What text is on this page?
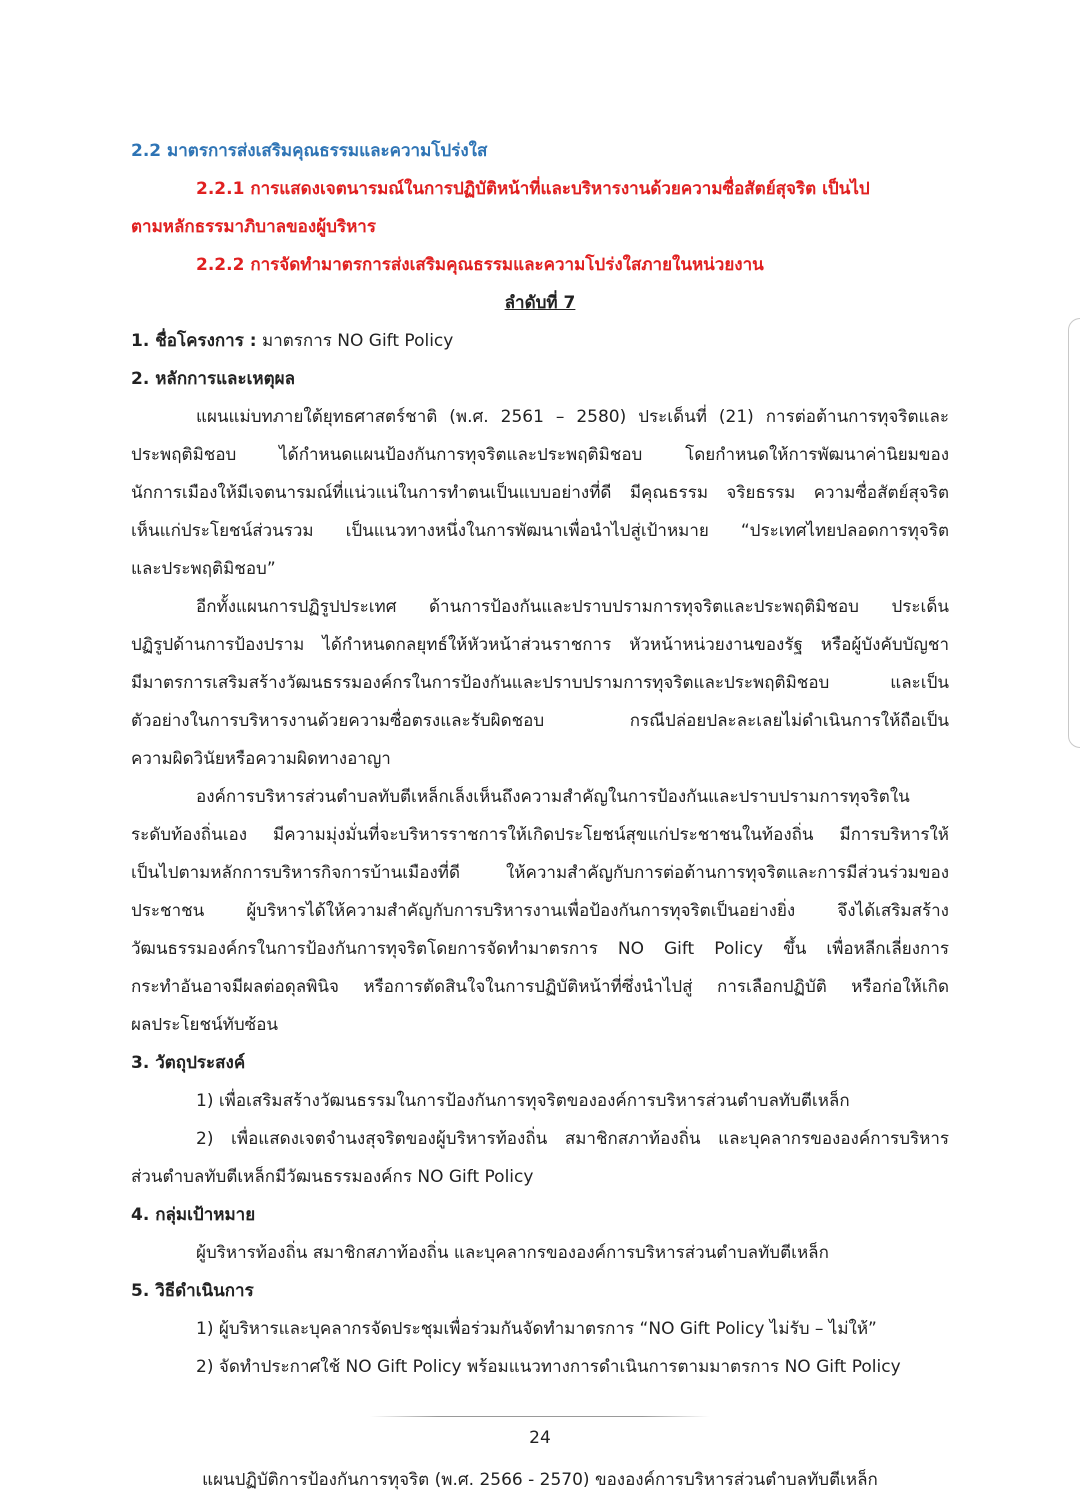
2.2 มาตรการส่งเสริมคุณธรรมและความโปร่งใส
2.2.1 การแสดงเจตนารมณ์ในการปฏิบัติหน้าที่และบริหารงานด้วยความซื่อสัตย์สุจริต เป็นไป
ตามหลักธรรมาภิบาลของผู้บริหาร
2.2.2 การจัดทำมาตรการส่งเสริมคุณธรรมและความโปร่งใสภายในหน่วยงาน
ลำดับที่ 7
1. ชื่อโครงการ : มาตรการ NO Gift Policy
2. หลักการและเหตุผล
แผนแม่บทภายใต้ยุทธศาสตร์ชาติ (พ.ศ. 2561 – 2580) ประเด็นที่ (21) การต่อต้านการทุจริตและ
ประพฤติมิชอบ ได้กำหนดแผนป้องกันการทุจริตและประพฤติมิชอบ โดยกำหนดให้การพัฒนาค่านิยมของ
นักการเมืองให้มีเจตนารมณ์ที่แน่วแน่ในการทำตนเป็นแบบอย่างที่ดี มีคุณธรรม จริยธรรม ความซื่อสัตย์สุจริต
เห็นแก่ประโยชน์ส่วนรวม เป็นแนวทางหนึ่งในการพัฒนาเพื่อนำไปสู่เป้าหมาย “ประเทศไทยปลอดการทุจริต
และประพฤติมิชอบ”
อีกทั้งแผนการปฏิรูปประเทศ ด้านการป้องกันและปราบปรามการทุจริตและประพฤติมิชอบ ประเด็น
ปฏิรูปด้านการป้องปราม ได้กำหนดกลยุทธ์ให้หัวหน้าส่วนราชการ หัวหน้าหน่วยงานของรัฐ หรือผู้บังคับบัญชา
มีมาตรการเสริมสร้างวัฒนธรรมองค์กรในการป้องกันและปราบปรามการทุจริตและประพฤติมิชอบ และเป็น
ตัวอย่างในการบริหารงานด้วยความซื่อตรงและรับผิดชอบ กรณีปล่อยปละละเลยไม่ดำเนินการให้ถือเป็น
ความผิดวินัยหรือความผิดทางอาญา
องค์การบริหารส่วนตำบลทับตีเหล็กเล็งเห็นถึงความสำคัญในการป้องกันและปราบปรามการทุจริตใน
ระดับท้องถิ่นเอง มีความมุ่งมั่นที่จะบริหารราชการให้เกิดประโยชน์สุขแก่ประชาชนในท้องถิ่น มีการบริหารให้
เป็นไปตามหลักการบริหารกิจการบ้านเมืองที่ดี ให้ความสำคัญกับการต่อต้านการทุจริตและการมีส่วนร่วมของ
ประชาชน ผู้บริหารได้ให้ความสำคัญกับการบริหารงานเพื่อป้องกันการทุจริตเป็นอย่างยิ่ง จึงได้เสริมสร้าง
วัฒนธรรมองค์กรในการป้องกันการทุจริตโดยการจัดทำมาตรการ NO Gift Policy ขึ้น เพื่อหลีกเลี่ยงการ
กระทำอันอาจมีผลต่อดุลพินิจ หรือการตัดสินใจในการปฏิบัติหน้าที่ซึ่งนำไปสู่ การเลือกปฏิบัติ หรือก่อให้เกิด
ผลประโยชน์ทับซ้อน
3. วัตถุประสงค์
1) เพื่อเสริมสร้างวัฒนธรรมในการป้องกันการทุจริตขององค์การบริหารส่วนตำบลทับตีเหล็ก
2) เพื่อแสดงเจตจำนงสุจริตของผู้บริหารท้องถิ่น สมาชิกสภาท้องถิ่น และบุคลากรขององค์การบริหาร
ส่วนตำบลทับตีเหล็กมีวัฒนธรรมองค์กร NO Gift Policy
4. กลุ่มเป้าหมาย
ผู้บริหารท้องถิ่น สมาชิกสภาท้องถิ่น และบุคลากรขององค์การบริหารส่วนตำบลทับตีเหล็ก
5. วิธีดำเนินการ
1) ผู้บริหารและบุคลากรจัดประชุมเพื่อร่วมกันจัดทำมาตรการ “NO Gift Policy ไม่รับ – ไม่ให้”
2) จัดทำประกาศใช้ NO Gift Policy พร้อมแนวทางการดำเนินการตามมาตรการ NO Gift Policy
24
แผนปฏิบัติการป้องกันการทุจริต (พ.ศ. 2566 - 2570) ขององค์การบริหารส่วนตำบลทับตีเหล็ก
